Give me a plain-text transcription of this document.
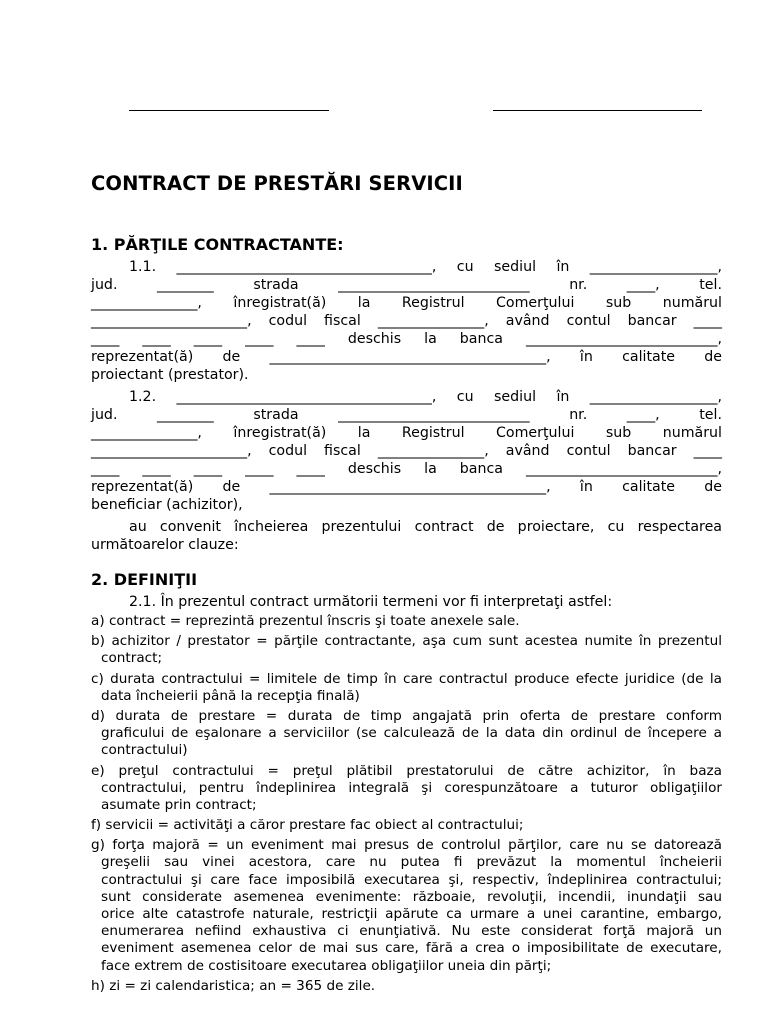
CONTRACT DE PRESTĂRI SERVICII
1. PĂRŢILE CONTRACTANTE:
1.1. ____________________________________, cu sediul în __________________,
jud. ________ strada ___________________________ nr. ____, tel.
_______________, înregistrat(ă) la Registrul Comerţului sub numărul
______________________, codul fiscal _______________, având contul bancar ____
____ ____ ____ ____ ____ deschis la banca ___________________________,
reprezentat(ă) de _______________________________________, în calitate de
proiectant (prestator).
1.2. ____________________________________, cu sediul în __________________,
jud. ________ strada ___________________________ nr. ____, tel.
_______________, înregistrat(ă) la Registrul Comerţului sub numărul
______________________, codul fiscal _______________, având contul bancar ____
____ ____ ____ ____ ____ deschis la banca ___________________________,
reprezentat(ă) de _______________________________________, în calitate de
beneficiar (achizitor),
au convenit încheierea prezentului contract de proiectare, cu respectarea
următoarelor clauze:
2. DEFINIŢII
2.1. În prezentul contract următorii termeni vor fi interpretaţi astfel:
a) contract = reprezintă prezentul înscris şi toate anexele sale.
b) achizitor / prestator = părţile contractante, aşa cum sunt acestea numite în prezentul
contract;
c) durata contractului = limitele de timp în care contractul produce efecte juridice (de la
data încheierii până la recepţia finală)
d) durata de prestare = durata de timp angajată prin oferta de prestare conform
graficului de eşalonare a serviciilor (se calculează de la data din ordinul de începere a
contractului)
e) preţul contractului = preţul plătibil prestatorului de către achizitor, în baza
contractului, pentru îndeplinirea integrală şi corespunzătoare a tuturor obligaţiilor
asumate prin contract;
f) servicii = activităţi a căror prestare fac obiect al contractului;
g) forţa majoră = un eveniment mai presus de controlul părţilor, care nu se datorează
greşelii sau vinei acestora, care nu putea fi prevăzut la momentul încheierii
contractului şi care face imposibilă executarea şi, respectiv, îndeplinirea contractului;
sunt considerate asemenea evenimente: războaie, revoluţii, incendii, inundaţii sau
orice alte catastrofe naturale, restricţii apărute ca urmare a unei carantine, embargo,
enumerarea nefiind exhaustiva ci enunţiativă. Nu este considerat forţă majoră un
eveniment asemenea celor de mai sus care, fără a crea o imposibilitate de executare,
face extrem de costisitoare executarea obligaţiilor uneia din părţi;
h) zi = zi calendaristica; an = 365 de zile.
